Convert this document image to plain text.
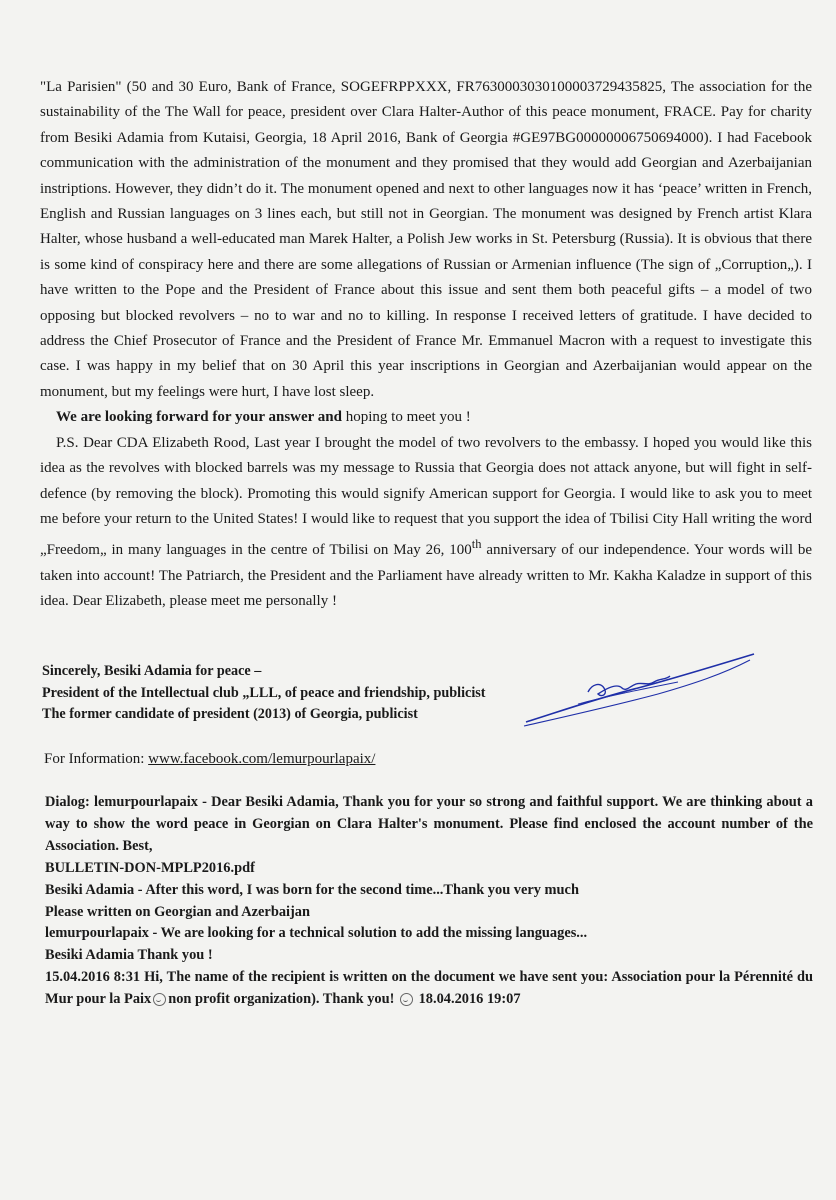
"La Parisien" (50 and 30 Euro, Bank of France, SOGEFRPPXXX, FR7630003030100003729435825, The association for the sustainability of the The Wall for peace, president over Clara Halter-Author of this peace monument, FRACE. Pay for charity from Besiki Adamia from Kutaisi, Georgia, 18 April 2016, Bank of Georgia #GE97BG00000006750694000). I had Facebook communication with the administration of the monument and they promised that they would add Georgian and Azerbaijanian instriptions. However, they didn’t do it. The monument opened and next to other languages now it has ‘peace’ written in French, English and Russian languages on 3 lines each, but still not in Georgian. The monument was designed by French artist Klara Halter, whose husband a well-educated man Marek Halter, a Polish Jew works in St. Petersburg (Russia). It is obvious that there is some kind of conspiracy here and there are some allegations of Russian or Armenian influence (The sign of „Corruption„). I have written to the Pope and the President of France about this issue and sent them both peaceful gifts – a model of two opposing but blocked revolvers – no to war and no to killing. In response I received letters of gratitude. I have decided to address the Chief Prosecutor of France and the President of France Mr. Emmanuel Macron with a request to investigate this case. I was happy in my belief that on 30 April this year inscriptions in Georgian and Azerbaijanian would appear on the monument, but my feelings were hurt, I have lost sleep.

We are looking forward for your answer and hoping to meet you !

P.S. Dear CDA Elizabeth Rood, Last year I brought the model of two revolvers to the embassy. I hoped you would like this idea as the revolves with blocked barrels was my message to Russia that Georgia does not attack anyone, but will fight in self-defence (by removing the block). Promoting this would signify American support for Georgia. I would like to ask you to meet me before your return to the United States! I would like to request that you support the idea of Tbilisi City Hall writing the word „Freedom„ in many languages in the centre of Tbilisi on May 26, 100th anniversary of our independence. Your words will be taken into account! The Patriarch, the President and the Parliament have already written to Mr. Kakha Kaladze in support of this idea. Dear Elizabeth, please meet me personally !

Sincerely, Besiki Adamia for peace –
President of the Intellectual club „LLL, of peace and friendship, publicist
The former candidate of president (2013) of Georgia, publicist
For Information: www.facebook.com/lemurpourlapaix/
Dialog: lemurpourlapaix - Dear Besiki Adamia, Thank you for your so strong and faithful support. We are thinking about a way to show the word peace in Georgian on Clara Halter's monument. Please find enclosed the account number of the Association. Best,
BULLETIN-DON-MPLP2016.pdf
Besiki Adamia - After this word, I was born for the second time...Thank you very much
Please written on Georgian and Azerbaijan
lemurpourlapaix - We are looking for a technical solution to add the missing languages...
Besiki Adamia Thank you !
15.04.2016 8:31 Hi, The name of the recipient is written on the document we have sent you: Association pour la Pérennité du Mur pour la Paix non profit organization). Thank you!  18.04.2016 19:07
